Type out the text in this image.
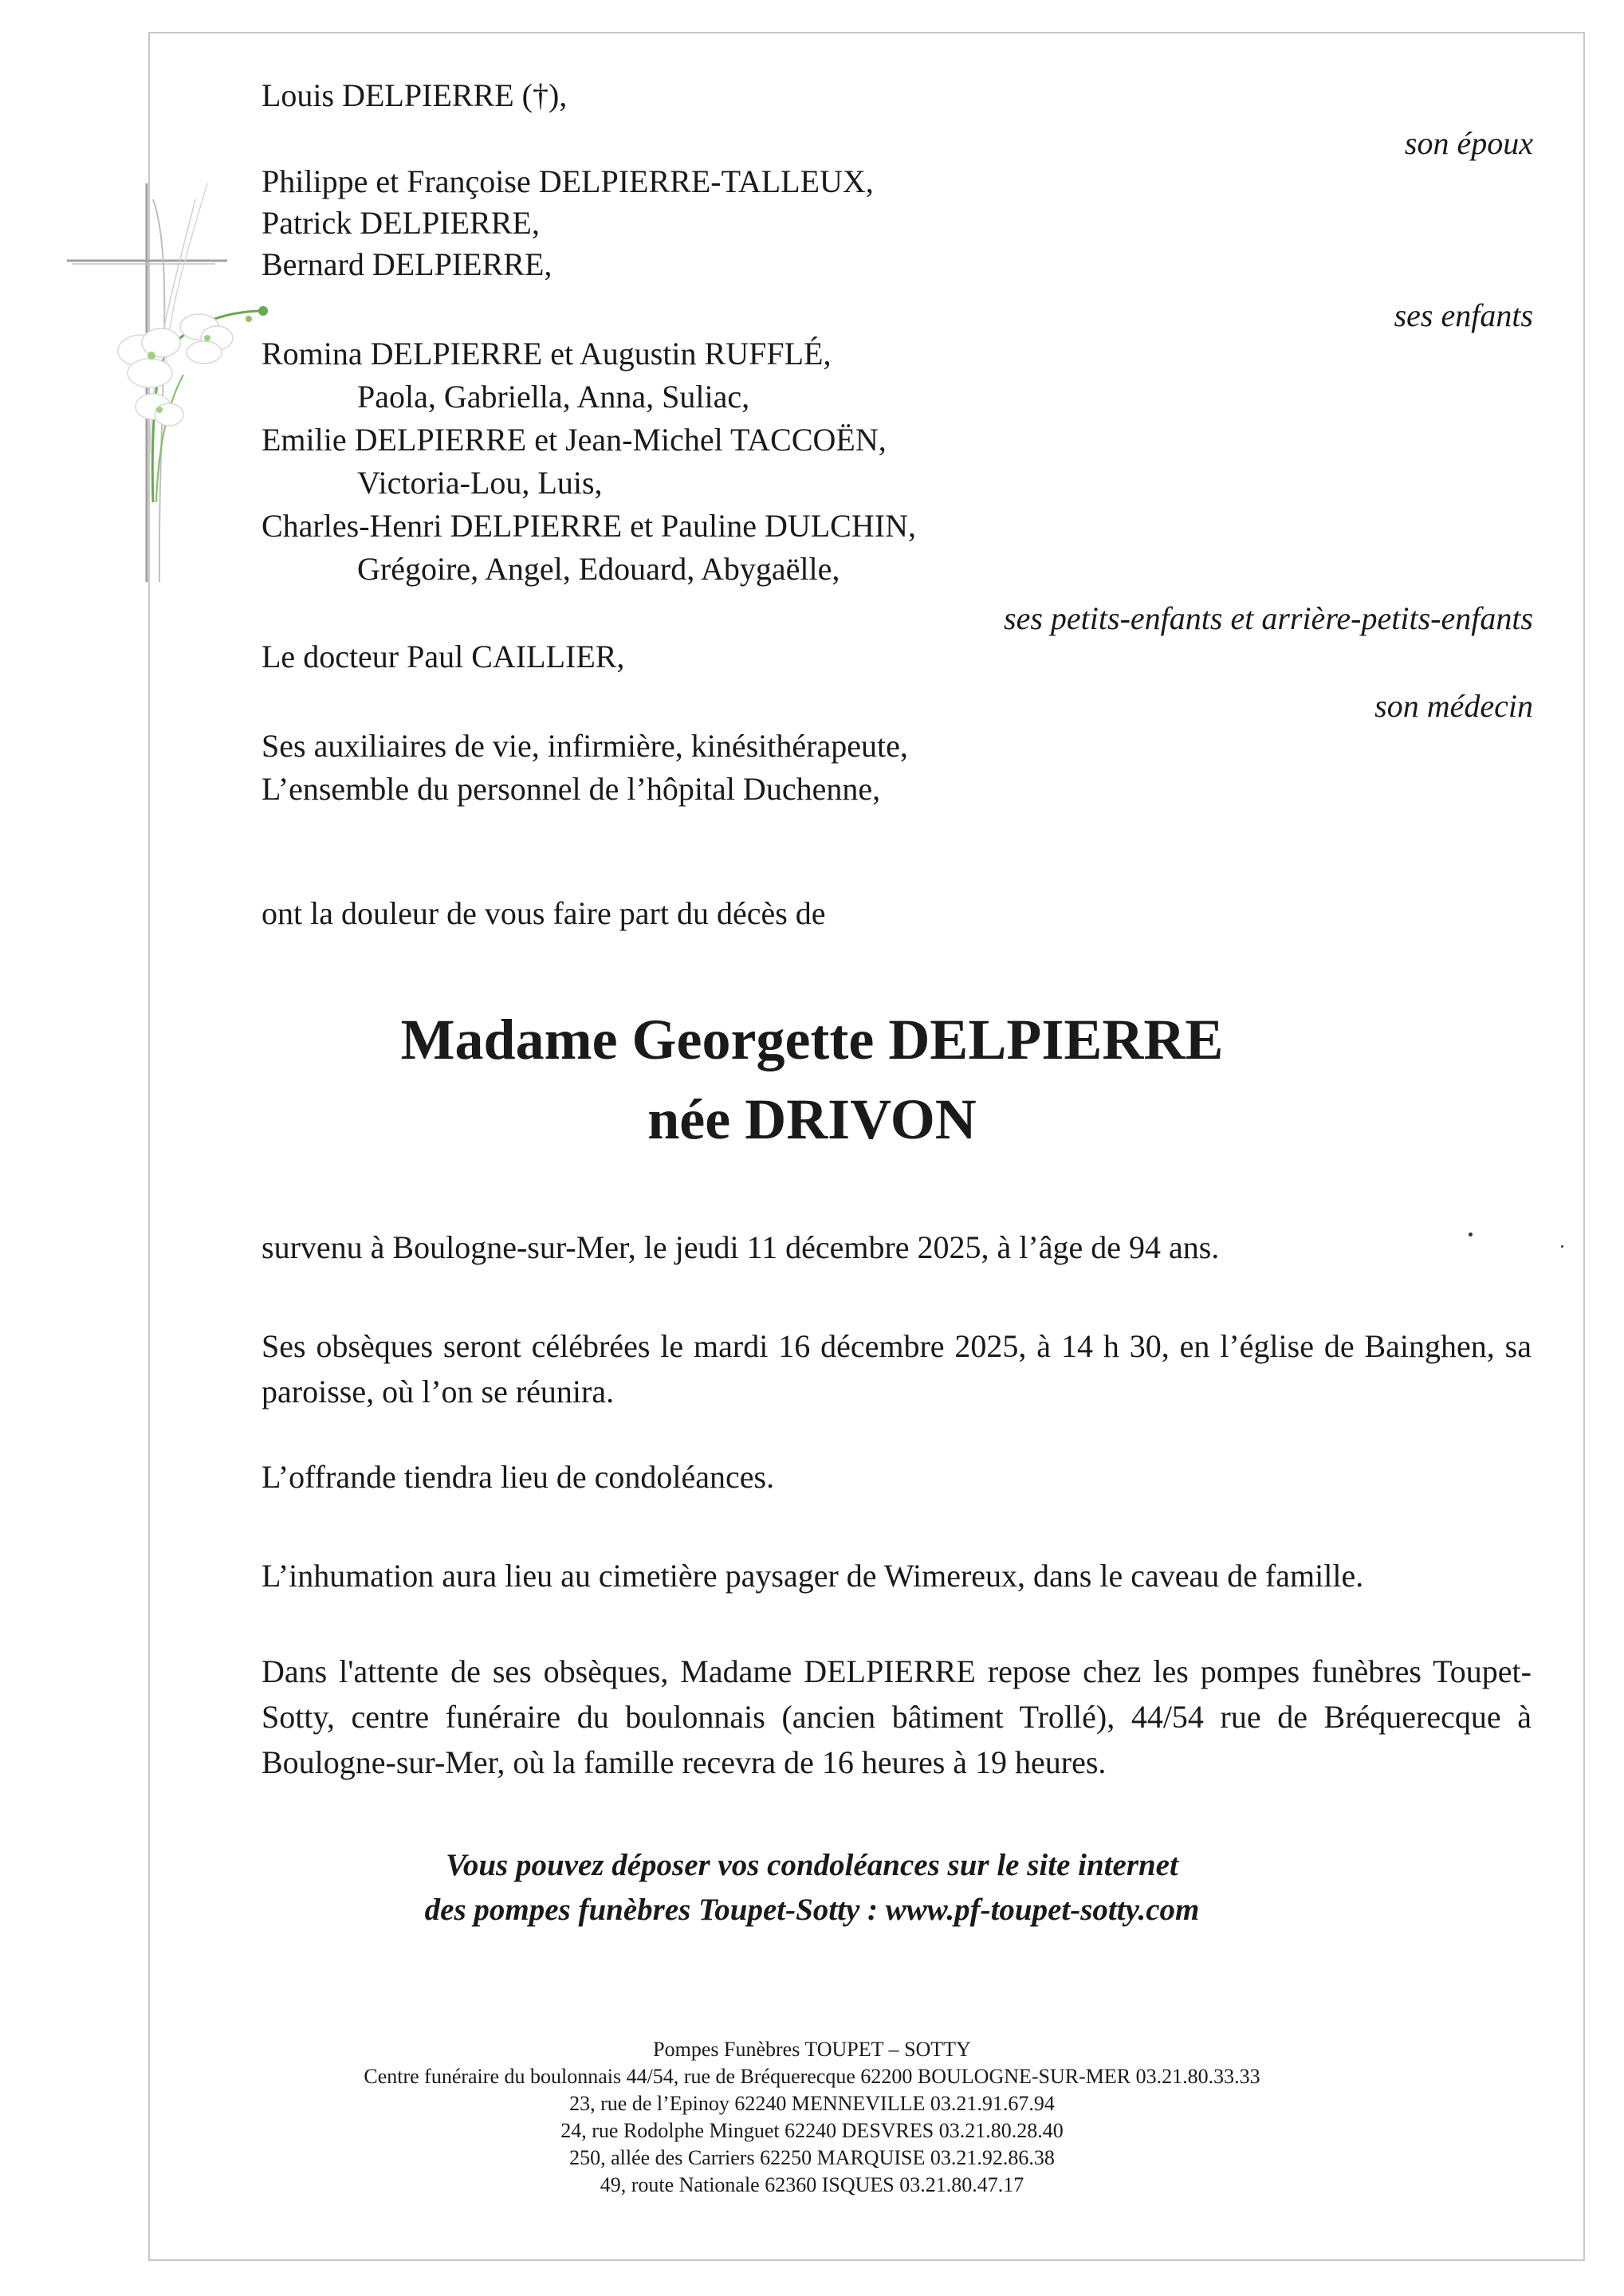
Louis DELPIERRE (†),
son époux
Philippe et Françoise DELPIERRE-TALLEUX,
Patrick DELPIERRE,
Bernard DELPIERRE,
ses enfants
Romina DELPIERRE et Augustin RUFFLÉ,
Paola, Gabriella, Anna, Suliac,
Emilie DELPIERRE et Jean-Michel TACCOËN,
Victoria-Lou, Luis,
Charles-Henri DELPIERRE et Pauline DULCHIN,
Grégoire, Angel, Edouard, Abygaëlle,
ses petits-enfants et arrière-petits-enfants
Le docteur Paul CAILLIER,
son médecin
Ses auxiliaires de vie, infirmière, kinésithérapeute,
L’ensemble du personnel de l’hôpital Duchenne,
ont la douleur de vous faire part du décès de
Madame Georgette DELPIERRE
née DRIVON
survenu à Boulogne-sur-Mer, le jeudi 11 décembre 2025, à l’âge de 94 ans.
Ses obsèques seront célébrées le mardi 16 décembre 2025, à 14 h 30, en l’église de Bainghen, sa paroisse, où l’on se réunira.
L’offrande tiendra lieu de condoléances.
L’inhumation aura lieu au cimetière paysager de Wimereux, dans le caveau de famille.
Dans l'attente de ses obsèques, Madame DELPIERRE repose chez les pompes funèbres Toupet-Sotty, centre funéraire du boulonnais (ancien bâtiment Trollé), 44/54 rue de Bréquerecque à Boulogne-sur-Mer, où la famille recevra de 16 heures à 19 heures.
Vous pouvez déposer vos condoléances sur le site internet
des pompes funèbres Toupet-Sotty : www.pf-toupet-sotty.com
Pompes Funèbres TOUPET – SOTTY
Centre funéraire du boulonnais 44/54, rue de Bréquerecque 62200 BOULOGNE-SUR-MER 03.21.80.33.33
23, rue de l’Epinoy 62240 MENNEVILLE 03.21.91.67.94
24, rue Rodolphe Minguet 62240 DESVRES 03.21.80.28.40
250, allée des Carriers 62250 MARQUISE 03.21.92.86.38
49, route Nationale 62360 ISQUES 03.21.80.47.17
